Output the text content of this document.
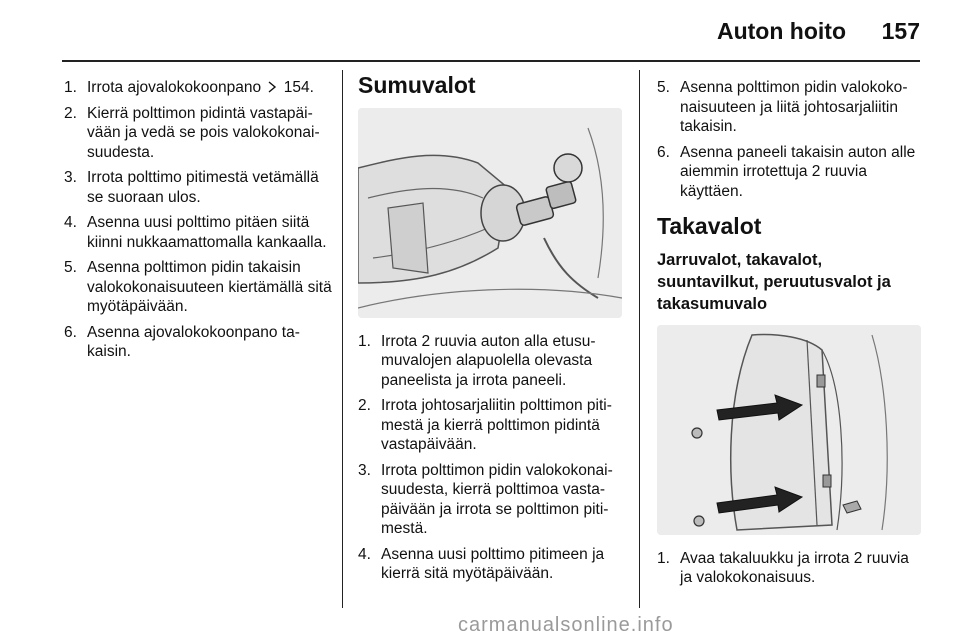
Auton hoito 157
1. Irrota ajovalokokoonpano 154.
2. Kierrä polttimon pidintä vastapäivään ja vedä se pois valokokonaisuudesta.
3. Irrota polttimo pitimestä vetämällä se suoraan ulos.
4. Asenna uusi polttimo pitäen siitä kiinni nukkaamattomalla kankaalla.
5. Asenna polttimon pidin takaisin valokokonaisuuteen kiertämällä sitä myötäpäivään.
6. Asenna ajovalokokoonpano takaisin.
Sumuvalot
1. Irrota 2 ruuvia auton alla etusumuvalojen alapuolella olevasta paneelista ja irrota paneeli.
2. Irrota johtosarjaliitin polttimon pitimestä ja kierrä polttimon pidintä vastapäivään.
3. Irrota polttimon pidin valokokonaisuudesta, kierrä polttimoa vastapäivään ja irrota se polttimon pitimestä.
4. Asenna uusi polttimo pitimeen ja kierrä sitä myötäpäivään.
5. Asenna polttimon pidin valokokonaisuuteen ja liitä johtosarjaliitin takaisin.
6. Asenna paneeli takaisin auton alle aiemmin irrotettuja 2 ruuvia käyttäen.
Takavalot
Jarruvalot, takavalot, suuntavilkut, peruutusvalot ja takasumuvalo
1. Avaa takaluukku ja irrota 2 ruuvia ja valokokonaisuus.
carmanualsonline.info
